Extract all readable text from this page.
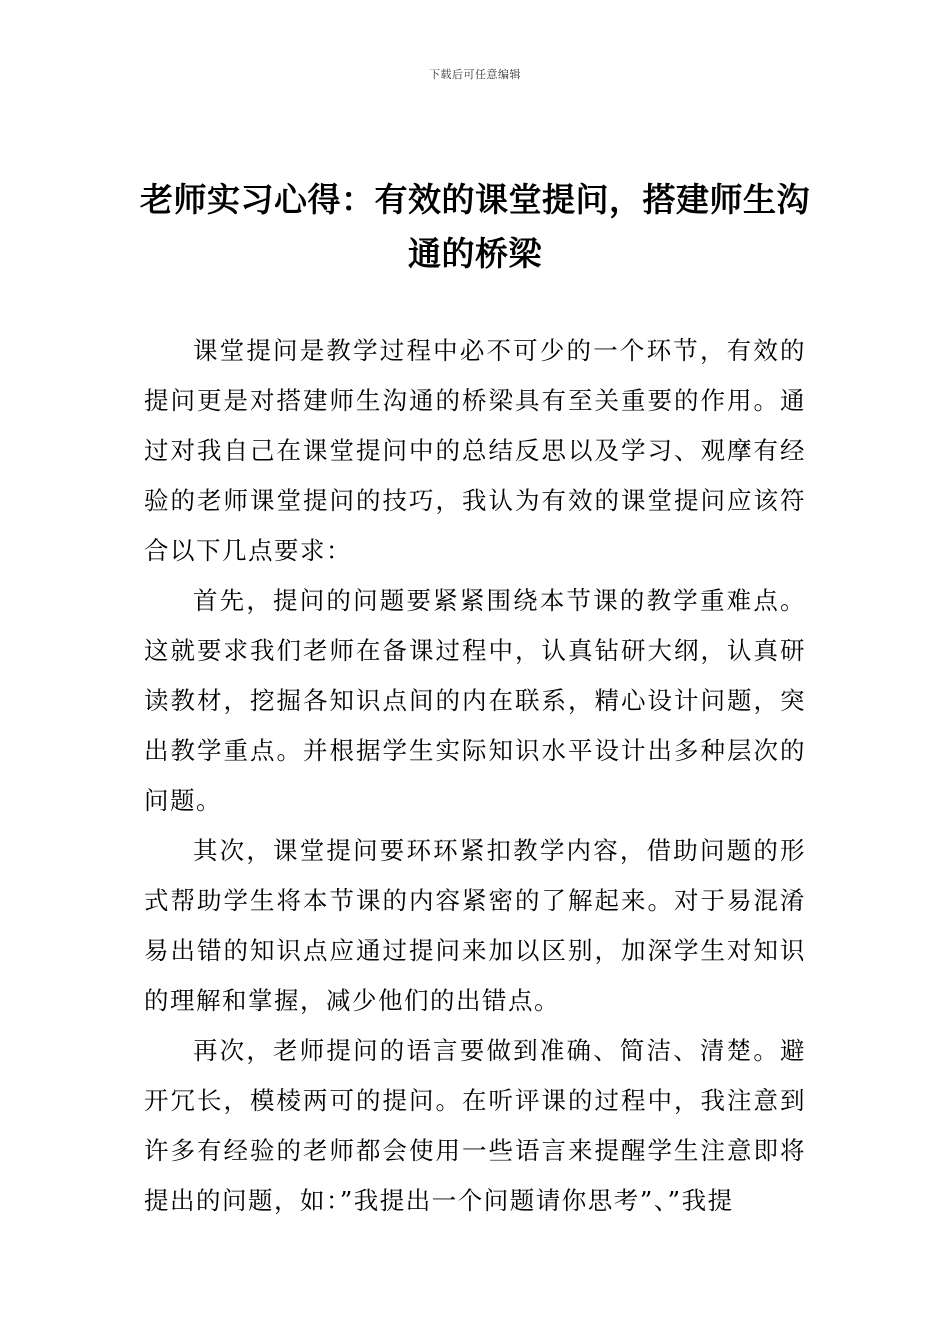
下载后可任意编辑
老师实习心得：有效的课堂提问，搭建师生沟通的桥梁

课堂提问是教学过程中必不可少的一个环节，有效的提问更是对搭建师生沟通的桥梁具有至关重要的作用。通过对我自己在课堂提问中的总结反思以及学习、观摩有经验的老师课堂提问的技巧，我认为有效的课堂提问应该符合以下几点要求：

首先，提问的问题要紧紧围绕本节课的教学重难点。这就要求我们老师在备课过程中，认真钻研大纲，认真研读教材，挖掘各知识点间的内在联系，精心设计问题，突出教学重点。并根据学生实际知识水平设计出多种层次的问题。

其次，课堂提问要环环紧扣教学内容，借助问题的形式帮助学生将本节课的内容紧密的了解起来。对于易混淆易出错的知识点应通过提问来加以区别，加深学生对知识的理解和掌握，减少他们的出错点。

再次，老师提问的语言要做到准确、简洁、清楚。避开冗长，模棱两可的提问。在听评课的过程中，我注意到许多有经验的老师都会使用一些语言来提醒学生注意即将提出的问题，如：”我提出一个问题请你思考”、”我提
